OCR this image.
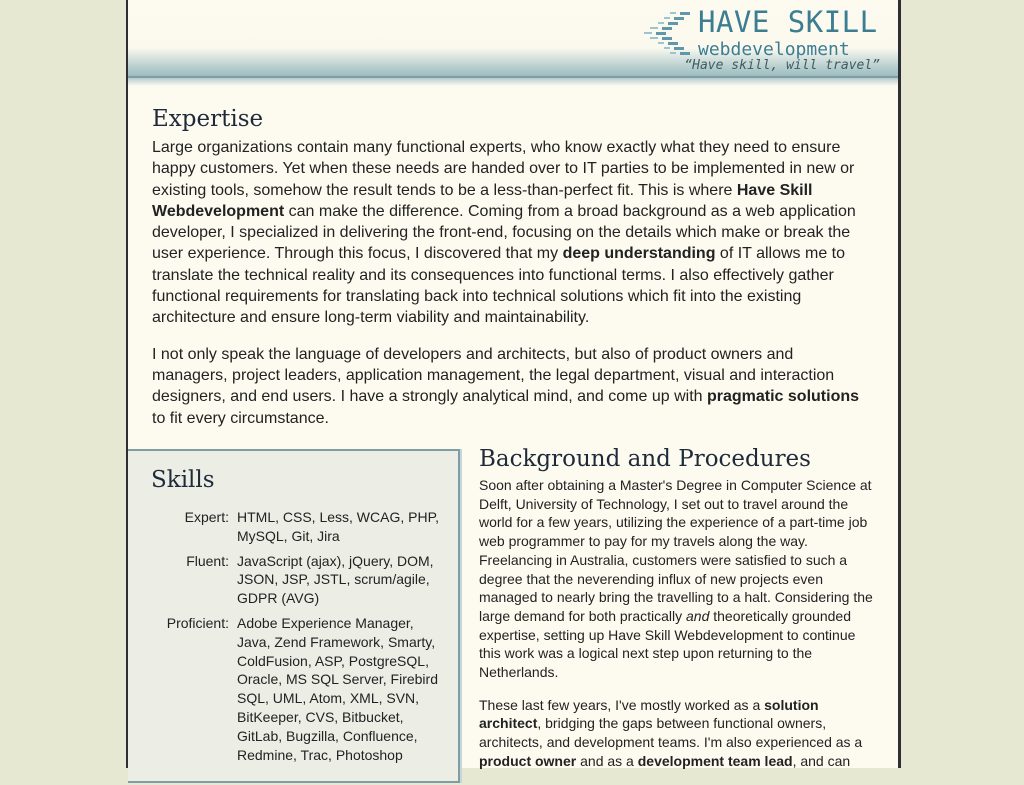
HAVE SKILL
webdevelopment
“Have skill, will travel”
Expertise

Large organizations contain many functional experts, who know exactly what they need to ensure happy customers. Yet when these needs are handed over to IT parties to be implemented in new or existing tools, somehow the result tends to be a less-than-perfect fit. This is where Have Skill Webdevelopment can make the difference. Coming from a broad background as a web application developer, I specialized in delivering the front-end, focusing on the details which make or break the user experience. Through this focus, I discovered that my deep understanding of IT allows me to translate the technical reality and its consequences into functional terms. I also effectively gather functional requirements for translating back into technical solutions which fit into the existing architecture and ensure long-term viability and maintainability.

I not only speak the language of developers and architects, but also of product owners and managers, project leaders, application management, the legal department, visual and interaction designers, and end users. I have a strongly analytical mind, and come up with pragmatic solutions to fit every circumstance.

Skills
Expert: HTML, CSS, Less, WCAG, PHP, MySQL, Git, Jira
Fluent: JavaScript (ajax), jQuery, DOM, JSON, JSP, JSTL, scrum/agile, GDPR (AVG)
Proficient: Adobe Experience Manager, Java, Zend Framework, Smarty, ColdFusion, ASP, PostgreSQL, Oracle, MS SQL Server, Firebird SQL, UML, Atom, XML, SVN, BitKeeper, CVS, Bitbucket, GitLab, Bugzilla, Confluence, Redmine, Trac, Photoshop
Background and Procedures

Soon after obtaining a Master's Degree in Computer Science at Delft, University of Technology, I set out to travel around the world for a few years, utilizing the experience of a part-time job web programmer to pay for my travels along the way. Freelancing in Australia, customers were satisfied to such a degree that the neverending influx of new projects even managed to nearly bring the travelling to a halt. Considering the large demand for both practically and theoretically grounded expertise, setting up Have Skill Webdevelopment to continue this work was a logical next step upon returning to the Netherlands.

These last few years, I've mostly worked as a solution architect, bridging the gaps between functional owners, architects, and development teams. I'm also experienced as a product owner and as a development team lead, and can
